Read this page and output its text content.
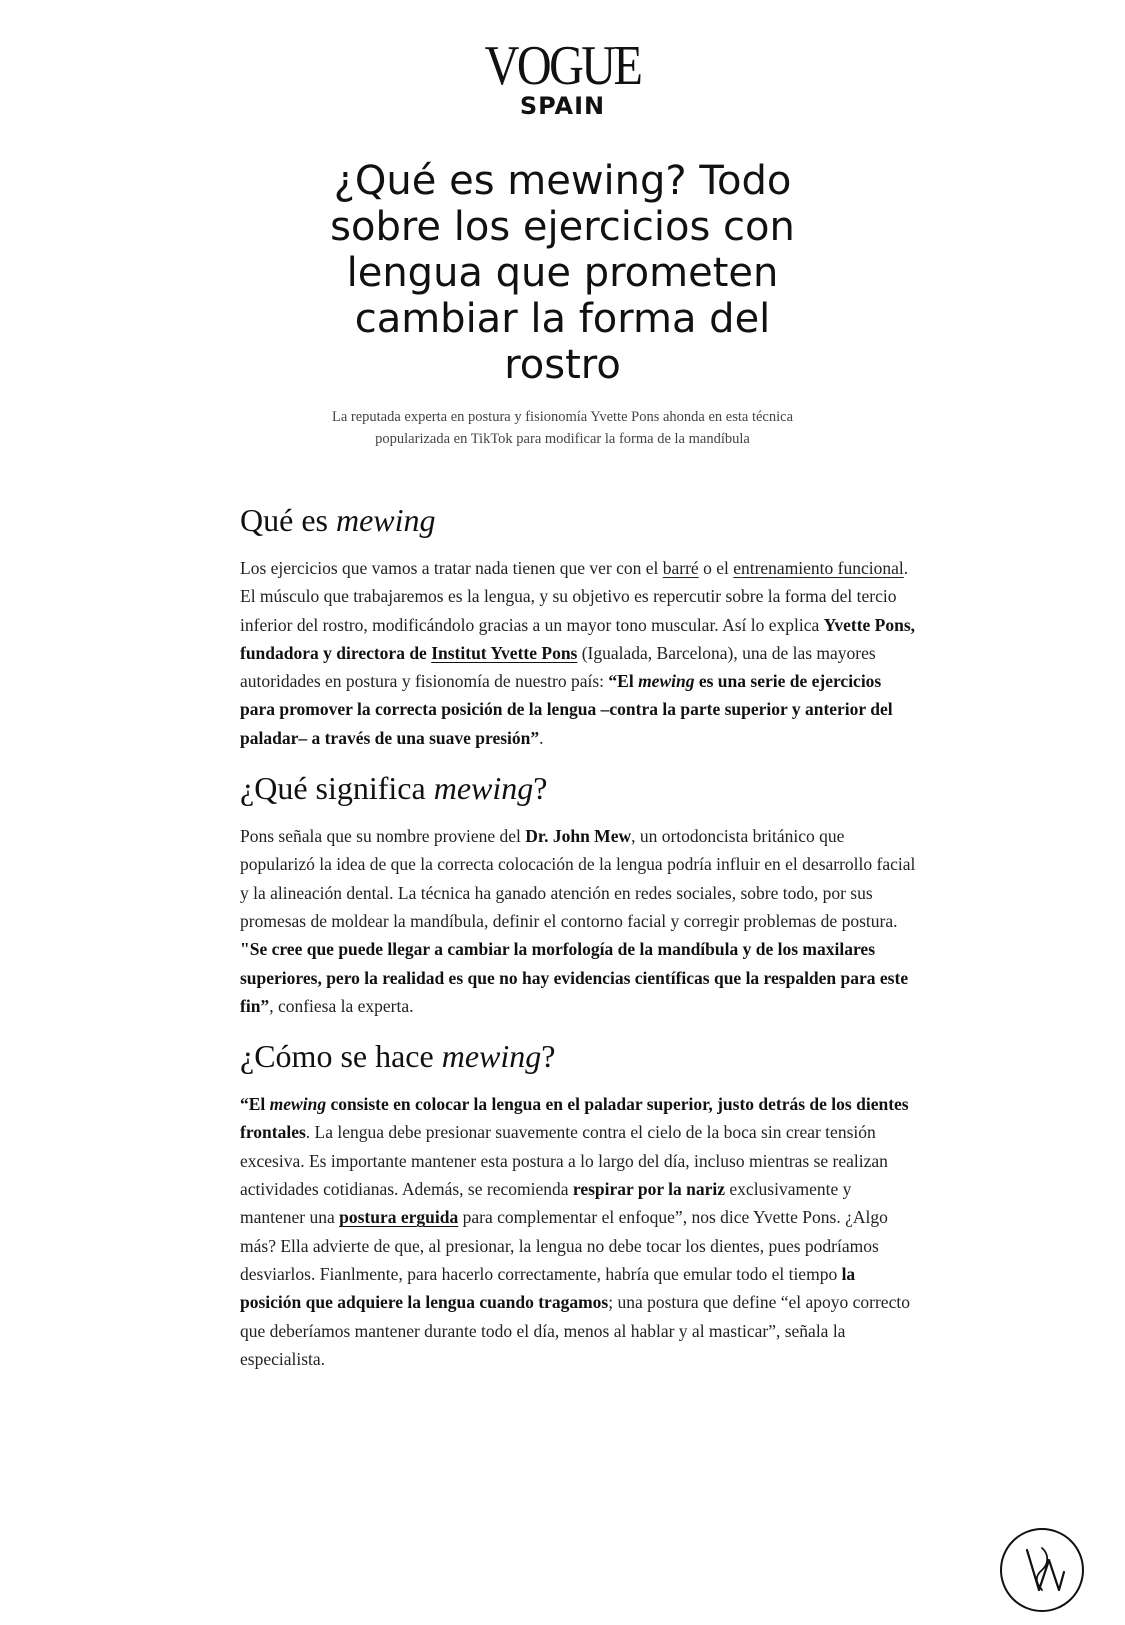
VOGUE
SPAIN
¿Qué es mewing? Todo sobre los ejercicios con lengua que prometen cambiar la forma del rostro

La reputada experta en postura y fisionomía Yvette Pons ahonda en esta técnica popularizada en TikTok para modificar la forma de la mandíbula

Qué es mewing

Los ejercicios que vamos a tratar nada tienen que ver con el barré o el entrenamiento funcional. El músculo que trabajaremos es la lengua, y su objetivo es repercutir sobre la forma del tercio inferior del rostro, modificándolo gracias a un mayor tono muscular. Así lo explica Yvette Pons, fundadora y directora de Institut Yvette Pons (Igualada, Barcelona), una de las mayores autoridades en postura y fisionomía de nuestro país: “El mewing es una serie de ejercicios para promover la correcta posición de la lengua –contra la parte superior y anterior del paladar– a través de una suave presión”.

¿Qué significa mewing?

Pons señala que su nombre proviene del Dr. John Mew, un ortodoncista británico que popularizó la idea de que la correcta colocación de la lengua podría influir en el desarrollo facial y la alineación dental. La técnica ha ganado atención en redes sociales, sobre todo, por sus promesas de moldear la mandíbula, definir el contorno facial y corregir problemas de postura. "Se cree que puede llegar a cambiar la morfología de la mandíbula y de los maxilares superiores, pero la realidad es que no hay evidencias científicas que la respalden para este fin”, confiesa la experta.

¿Cómo se hace mewing?

“El mewing consiste en colocar la lengua en el paladar superior, justo detrás de los dientes frontales. La lengua debe presionar suavemente contra el cielo de la boca sin crear tensión excesiva. Es importante mantener esta postura a lo largo del día, incluso mientras se realizan actividades cotidianas. Además, se recomienda respirar por la nariz exclusivamente y mantener una postura erguida para complementar el enfoque”, nos dice Yvette Pons. ¿Algo más? Ella advierte de que, al presionar, la lengua no debe tocar los dientes, pues podríamos desviarlos. Fianlmente, para hacerlo correctamente, habría que emular todo el tiempo la posición que adquiere la lengua cuando tragamos; una postura que define “el apoyo correcto que deberíamos mantener durante todo el día, menos al hablar y al masticar”, señala la especialista.
